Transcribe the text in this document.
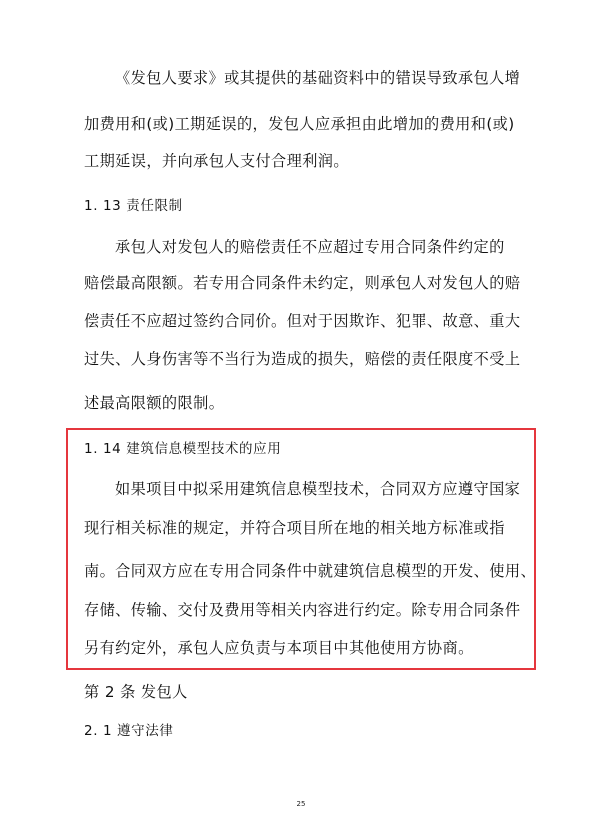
《发包人要求》或其提供的基础资料中的错误导致承包人增
加费用和(或)工期延误的，发包人应承担由此增加的费用和(或)
工期延误，并向承包人支付合理利润。
1. 13 责任限制
承包人对发包人的赔偿责任不应超过专用合同条件约定的
赔偿最高限额。若专用合同条件未约定，则承包人对发包人的赔
偿责任不应超过签约合同价。但对于因欺诈、犯罪、故意、重大
过失、人身伤害等不当行为造成的损失，赔偿的责任限度不受上
述最高限额的限制。
1. 14 建筑信息模型技术的应用
如果项目中拟采用建筑信息模型技术，合同双方应遵守国家
现行相关标准的规定，并符合项目所在地的相关地方标准或指
南。合同双方应在专用合同条件中就建筑信息模型的开发、使用、
存储、传输、交付及费用等相关内容进行约定。除专用合同条件
另有约定外，承包人应负责与本项目中其他使用方协商。
第 2 条 发包人
2. 1 遵守法律
25
